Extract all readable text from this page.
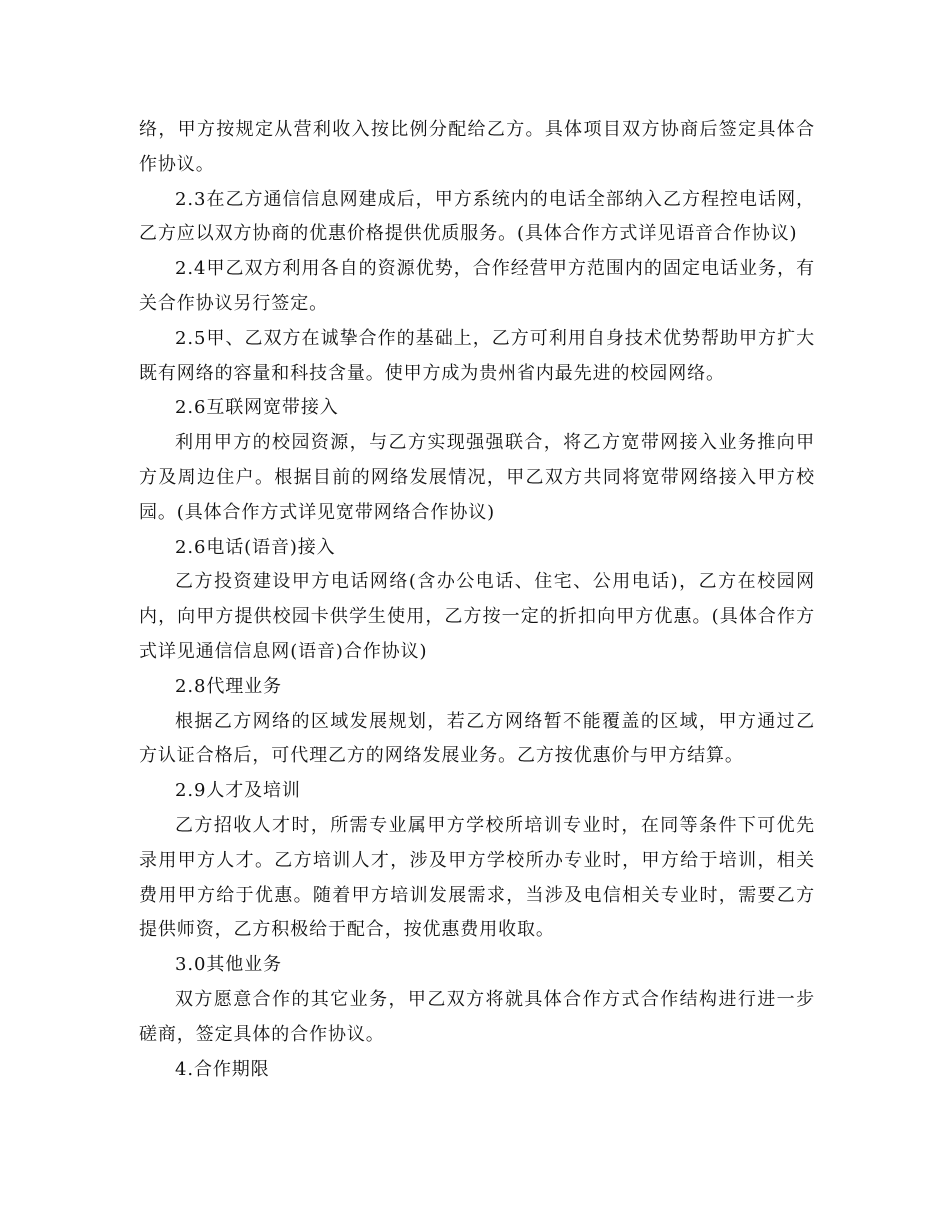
络，甲方按规定从营利收入按比例分配给乙方。具体项目双方协商后签定具体合作协议。

2.3在乙方通信信息网建成后，甲方系统内的电话全部纳入乙方程控电话网，乙方应以双方协商的优惠价格提供优质服务。(具体合作方式详见语音合作协议)

2.4甲乙双方利用各自的资源优势，合作经营甲方范围内的固定电话业务，有关合作协议另行签定。

2.5甲、乙双方在诚挚合作的基础上，乙方可利用自身技术优势帮助甲方扩大既有网络的容量和科技含量。使甲方成为贵州省内最先进的校园网络。

2.6互联网宽带接入

利用甲方的校园资源，与乙方实现强强联合，将乙方宽带网接入业务推向甲方及周边住户。根据目前的网络发展情况，甲乙双方共同将宽带网络接入甲方校园。(具体合作方式详见宽带网络合作协议)

2.6电话(语音)接入

乙方投资建设甲方电话网络(含办公电话、住宅、公用电话)，乙方在校园网内，向甲方提供校园卡供学生使用，乙方按一定的折扣向甲方优惠。(具体合作方式详见通信信息网(语音)合作协议)

2.8代理业务

根据乙方网络的区域发展规划，若乙方网络暂不能覆盖的区域，甲方通过乙方认证合格后，可代理乙方的网络发展业务。乙方按优惠价与甲方结算。

2.9人才及培训

乙方招收人才时，所需专业属甲方学校所培训专业时，在同等条件下可优先录用甲方人才。乙方培训人才，涉及甲方学校所办专业时，甲方给于培训，相关费用甲方给于优惠。随着甲方培训发展需求，当涉及电信相关专业时，需要乙方提供师资，乙方积极给于配合，按优惠费用收取。

3.0其他业务

双方愿意合作的其它业务，甲乙双方将就具体合作方式合作结构进行进一步磋商，签定具体的合作协议。

4.合作期限
